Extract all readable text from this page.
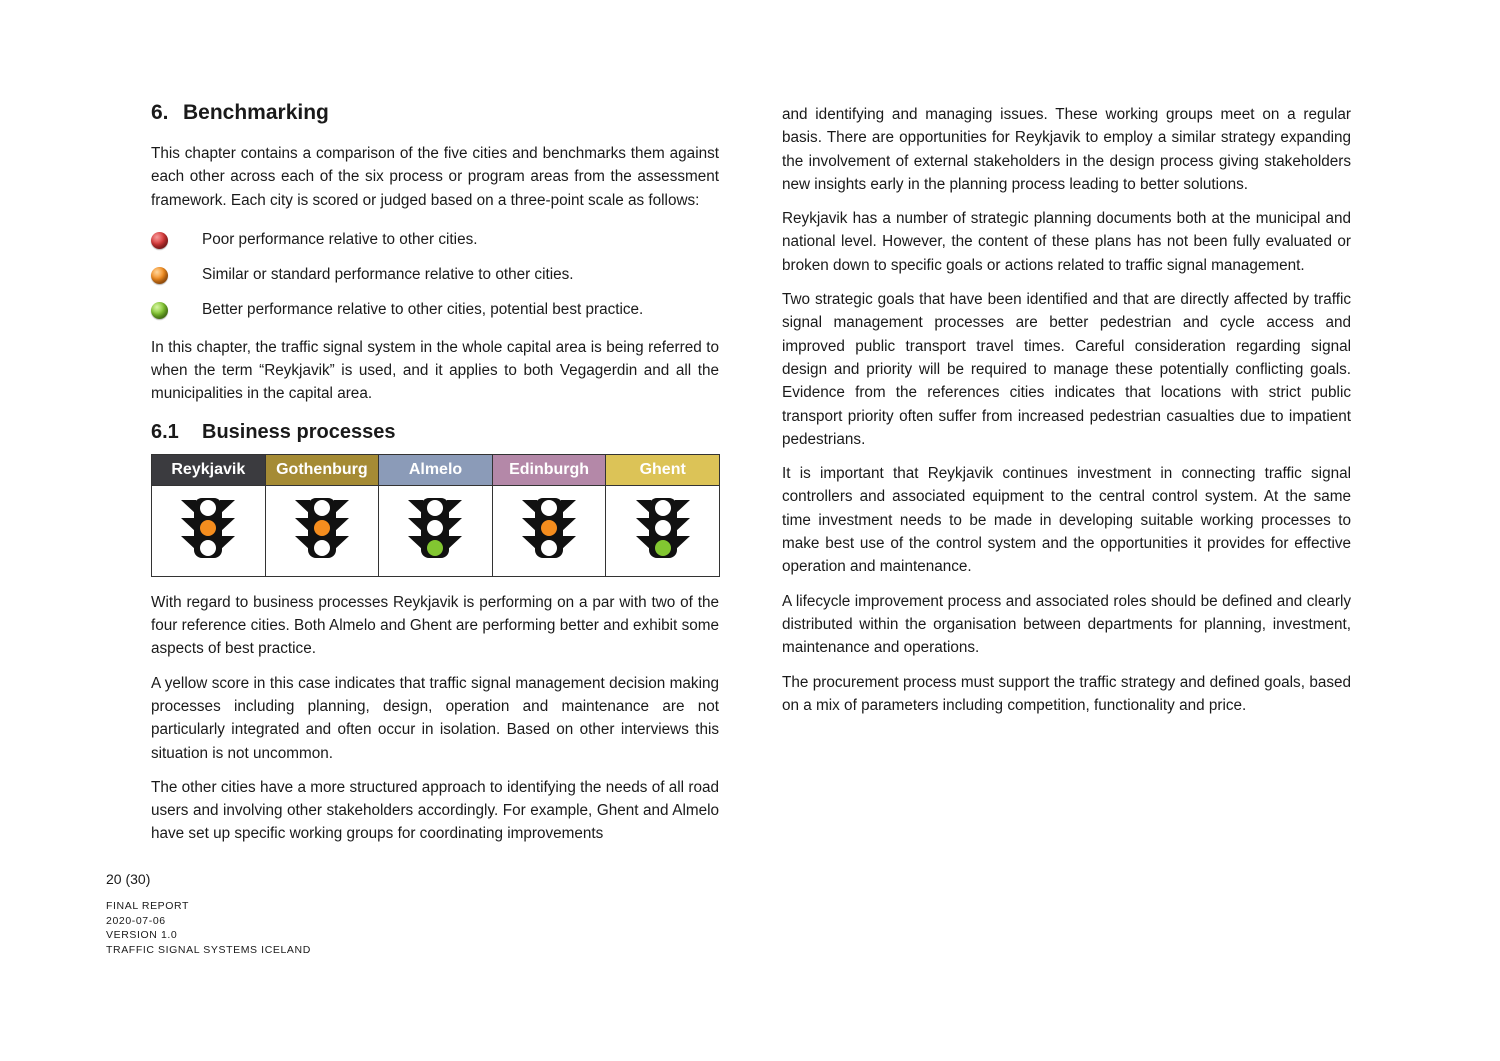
6. Benchmarking

This chapter contains a comparison of the five cities and benchmarks them against each other across each of the six process or program areas from the assessment framework. Each city is scored or judged based on a three-point scale as follows:

Poor performance relative to other cities.
Similar or standard performance relative to other cities.
Better performance relative to other cities, potential best practice.

In this chapter, the traffic signal system in the whole capital area is being referred to when the term “Reykjavik” is used, and it applies to both Vegagerdin and all the municipalities in the capital area.

6.1 Business processes
Reykjavik	Gothenburg	Almelo	Edinburgh	Ghent

With regard to business processes Reykjavik is performing on a par with two of the four reference cities. Both Almelo and Ghent are performing better and exhibit some aspects of best practice.

A yellow score in this case indicates that traffic signal management decision making processes including planning, design, operation and maintenance are not particularly integrated and often occur in isolation. Based on other interviews this situation is not uncommon.

The other cities have a more structured approach to identifying the needs of all road users and involving other stakeholders accordingly. For example, Ghent and Almelo have set up specific working groups for coordinating improvements

and identifying and managing issues. These working groups meet on a regular basis. There are opportunities for Reykjavik to employ a similar strategy expanding the involvement of external stakeholders in the design process giving stakeholders new insights early in the planning process leading to better solutions.

Reykjavik has a number of strategic planning documents both at the municipal and national level. However, the content of these plans has not been fully evaluated or broken down to specific goals or actions related to traffic signal management.

Two strategic goals that have been identified and that are directly affected by traffic signal management processes are better pedestrian and cycle access and improved public transport travel times. Careful consideration regarding signal design and priority will be required to manage these potentially conflicting goals. Evidence from the references cities indicates that locations with strict public transport priority often suffer from increased pedestrian casualties due to impatient pedestrians.

It is important that Reykjavik continues investment in connecting traffic signal controllers and associated equipment to the central control system. At the same time investment needs to be made in developing suitable working processes to make best use of the control system and the opportunities it provides for effective operation and maintenance.

A lifecycle improvement process and associated roles should be defined and clearly distributed within the organisation between departments for planning, investment, maintenance and operations.

The procurement process must support the traffic strategy and defined goals, based on a mix of parameters including competition, functionality and price.

20 (30)
FINAL REPORT
2020-07-06
VERSION 1.0
TRAFFIC SIGNAL SYSTEMS ICELAND
